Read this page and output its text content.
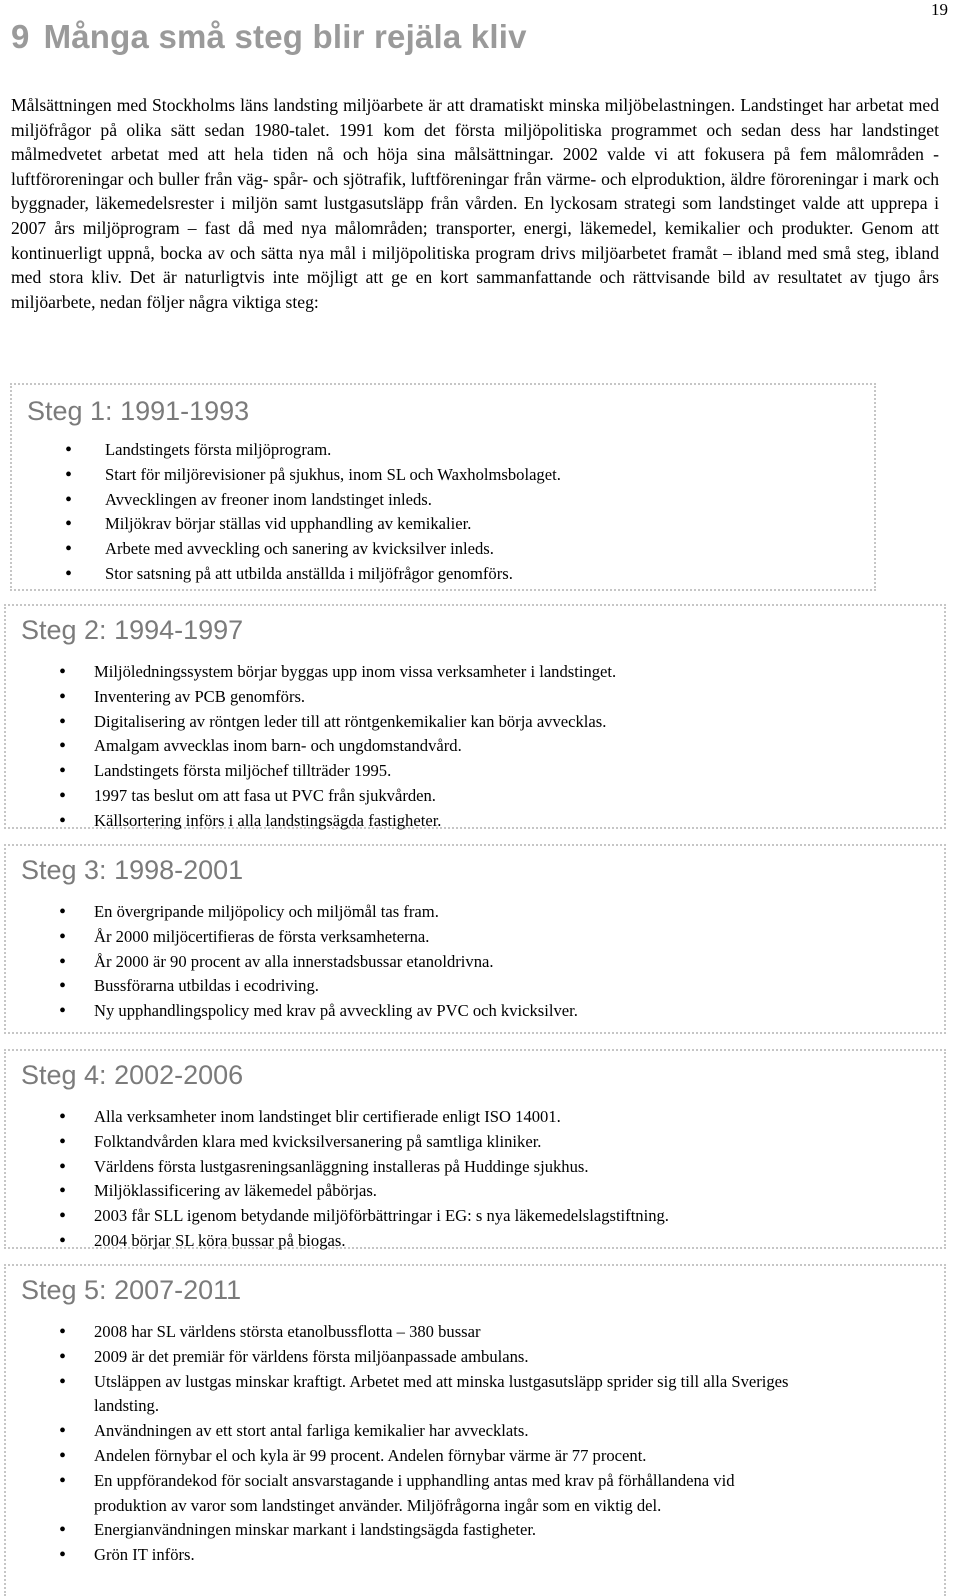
19
9 Många små steg blir rejäla kliv

Målsättningen med Stockholms läns landsting miljöarbete är att dramatiskt minska miljöbelastningen. Landstinget har arbetat med miljöfrågor på olika sätt sedan 1980-talet. 1991 kom det första miljöpolitiska programmet och sedan dess har landstinget målmedvetet arbetat med att hela tiden nå och höja sina målsättningar. 2002 valde vi att fokusera på fem målområden - luftföroreningar och buller från väg- spår- och sjötrafik, luftföreningar från värme- och elproduktion, äldre föroreningar i mark och byggnader, läkemedelsrester i miljön samt lustgasutsläpp från vården. En lyckosam strategi som landstinget valde att upprepa i 2007 års miljöprogram – fast då med nya målområden; transporter, energi, läkemedel, kemikalier och produkter. Genom att kontinuerligt uppnå, bocka av och sätta nya mål i miljöpolitiska program drivs miljöarbetet framåt – ibland med små steg, ibland med stora kliv. Det är naturligtvis inte möjligt att ge en kort sammanfattande och rättvisande bild av resultatet av tjugo års miljöarbete, nedan följer några viktiga steg:

Steg 1: 1991-1993
• Landstingets första miljöprogram.
• Start för miljörevisioner på sjukhus, inom SL och Waxholmsbolaget.
• Avvecklingen av freoner inom landstinget inleds.
• Miljökrav börjar ställas vid upphandling av kemikalier.
• Arbete med avveckling och sanering av kvicksilver inleds.
• Stor satsning på att utbilda anställda i miljöfrågor genomförs.
Steg 2: 1994-1997
• Miljöledningssystem börjar byggas upp inom vissa verksamheter i landstinget.
• Inventering av PCB genomförs.
• Digitalisering av röntgen leder till att röntgenkemikalier kan börja avvecklas.
• Amalgam avvecklas inom barn- och ungdomstandvård.
• Landstingets första miljöchef tillträder 1995.
• 1997 tas beslut om att fasa ut PVC från sjukvården.
• Källsortering införs i alla landstingsägda fastigheter.
Steg 3: 1998-2001
• En övergripande miljöpolicy och miljömål tas fram.
• År 2000 miljöcertifieras de första verksamheterna.
• År 2000 är 90 procent av alla innerstadsbussar etanoldrivna.
• Bussförarna utbildas i ecodriving.
• Ny upphandlingspolicy med krav på avveckling av PVC och kvicksilver.
Steg 4: 2002-2006
• Alla verksamheter inom landstinget blir certifierade enligt ISO 14001.
• Folktandvården klara med kvicksilversanering på samtliga kliniker.
• Världens första lustgasreningsanläggning installeras på Huddinge sjukhus.
• Miljöklassificering av läkemedel påbörjas.
• 2003 får SLL igenom betydande miljöförbättringar i EG: s nya läkemedelslagstiftning.
• 2004 börjar SL köra bussar på biogas.
Steg 5: 2007-2011
• 2008 har SL världens största etanolbussflotta – 380 bussar
• 2009 är det premiär för världens första miljöanpassade ambulans.
• Utsläppen av lustgas minskar kraftigt. Arbetet med att minska lustgasutsläpp sprider sig till alla Sveriges landsting.
• Användningen av ett stort antal farliga kemikalier har avvecklats.
• Andelen förnybar el och kyla är 99 procent. Andelen förnybar värme är 77 procent.
• En uppförandekod för socialt ansvarstagande i upphandling antas med krav på förhållandena vid produktion av varor som landstinget använder. Miljöfrågorna ingår som en viktig del.
• Energianvändningen minskar markant i landstingsägda fastigheter.
• Grön IT införs.
